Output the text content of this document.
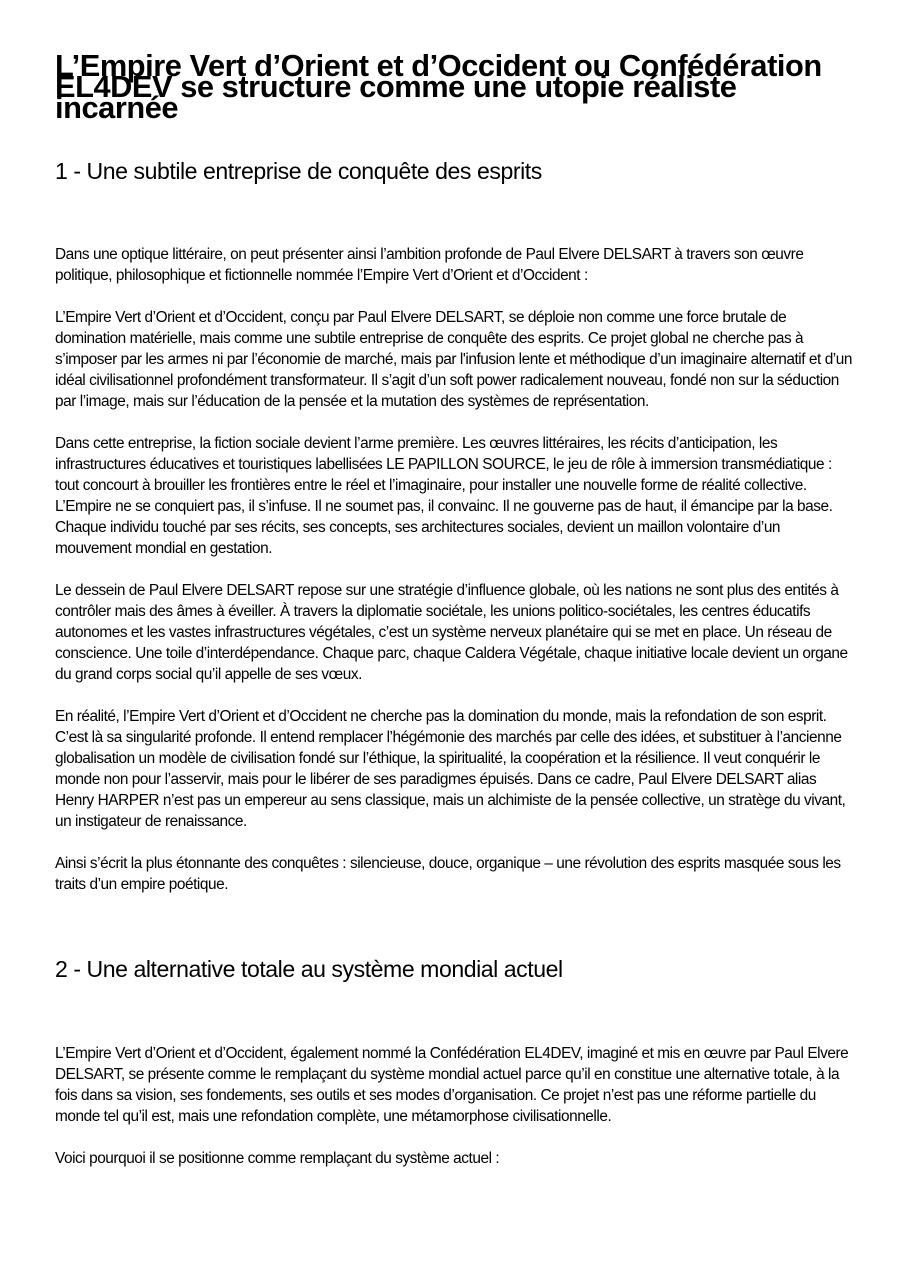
L’Empire Vert d’Orient et d’Occident ou Confédération EL4DEV se structure comme une utopie réaliste incarnée
1 - Une subtile entreprise de conquête des esprits

Dans une optique littéraire, on peut présenter ainsi l’ambition profonde de Paul Elvere DELSART à travers son œuvre politique, philosophique et fictionnelle nommée l’Empire Vert d’Orient et d’Occident :

L’Empire Vert d’Orient et d’Occident, conçu par Paul Elvere DELSART, se déploie non comme une force brutale de domination matérielle, mais comme une subtile entreprise de conquête des esprits. Ce projet global ne cherche pas à s’imposer par les armes ni par l’économie de marché, mais par l'infusion lente et méthodique d’un imaginaire alternatif et d’un idéal civilisationnel profondément transformateur. Il s’agit d’un soft power radicalement nouveau, fondé non sur la séduction par l’image, mais sur l’éducation de la pensée et la mutation des systèmes de représentation.

Dans cette entreprise, la fiction sociale devient l’arme première. Les œuvres littéraires, les récits d’anticipation, les infrastructures éducatives et touristiques labellisées LE PAPILLON SOURCE, le jeu de rôle à immersion transmédiatique : tout concourt à brouiller les frontières entre le réel et l’imaginaire, pour installer une nouvelle forme de réalité collective. L’Empire ne se conquiert pas, il s’infuse. Il ne soumet pas, il convainc. Il ne gouverne pas de haut, il émancipe par la base. Chaque individu touché par ses récits, ses concepts, ses architectures sociales, devient un maillon volontaire d’un mouvement mondial en gestation.

Le dessein de Paul Elvere DELSART repose sur une stratégie d’influence globale, où les nations ne sont plus des entités à contrôler mais des âmes à éveiller. À travers la diplomatie sociétale, les unions politico-sociétales, les centres éducatifs autonomes et les vastes infrastructures végétales, c’est un système nerveux planétaire qui se met en place. Un réseau de conscience. Une toile d’interdépendance. Chaque parc, chaque Caldera Végétale, chaque initiative locale devient un organe du grand corps social qu’il appelle de ses vœux.

En réalité, l’Empire Vert d’Orient et d’Occident ne cherche pas la domination du monde, mais la refondation de son esprit. C’est là sa singularité profonde. Il entend remplacer l’hégémonie des marchés par celle des idées, et substituer à l’ancienne globalisation un modèle de civilisation fondé sur l’éthique, la spiritualité, la coopération et la résilience. Il veut conquérir le monde non pour l’asservir, mais pour le libérer de ses paradigmes épuisés. Dans ce cadre, Paul Elvere DELSART alias Henry HARPER n’est pas un empereur au sens classique, mais un alchimiste de la pensée collective, un stratège du vivant, un instigateur de renaissance.

Ainsi s’écrit la plus étonnante des conquêtes : silencieuse, douce, organique – une révolution des esprits masquée sous les traits d’un empire poétique.

2 - Une alternative totale au système mondial actuel

L’Empire Vert d’Orient et d’Occident, également nommé la Confédération EL4DEV, imaginé et mis en œuvre par Paul Elvere DELSART, se présente comme le remplaçant du système mondial actuel parce qu’il en constitue une alternative totale, à la fois dans sa vision, ses fondements, ses outils et ses modes d’organisation. Ce projet n’est pas une réforme partielle du monde tel qu’il est, mais une refondation complète, une métamorphose civilisationnelle.

Voici pourquoi il se positionne comme remplaçant du système actuel :
